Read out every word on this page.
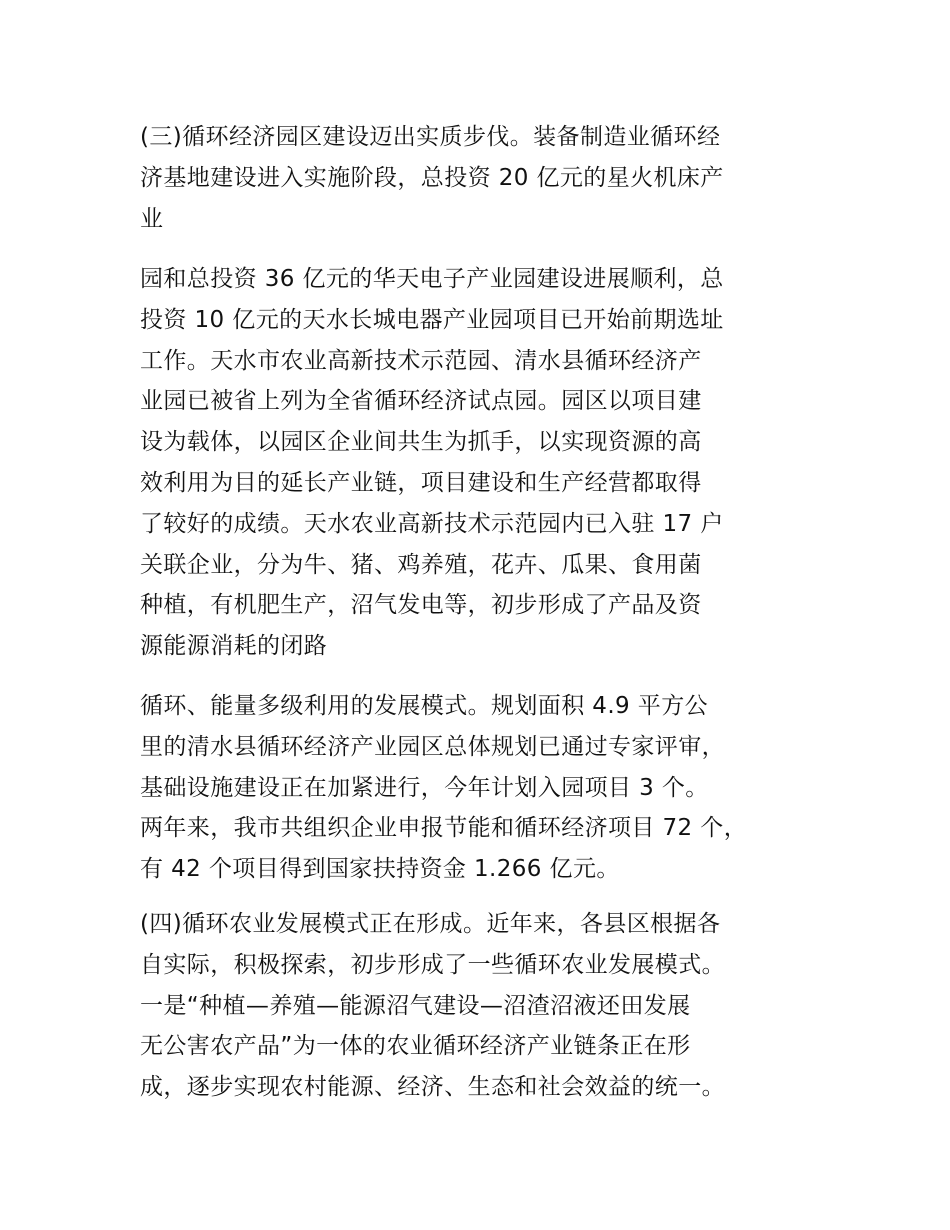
(三)循环经济园区建设迈出实质步伐。装备制造业循环经
济基地建设进入实施阶段，总投资 20 亿元的星火机床产
业
园和总投资 36 亿元的华天电子产业园建设进展顺利，总
投资 10 亿元的天水长城电器产业园项目已开始前期选址
工作。天水市农业高新技术示范园、清水县循环经济产
业园已被省上列为全省循环经济试点园。园区以项目建
设为载体，以园区企业间共生为抓手，以实现资源的高
效利用为目的延长产业链，项目建设和生产经营都取得
了较好的成绩。天水农业高新技术示范园内已入驻 17 户
关联企业，分为牛、猪、鸡养殖，花卉、瓜果、食用菌
种植，有机肥生产，沼气发电等，初步形成了产品及资
源能源消耗的闭路
循环、能量多级利用的发展模式。规划面积 4.9 平方公
里的清水县循环经济产业园区总体规划已通过专家评审，
基础设施建设正在加紧进行，今年计划入园项目 3 个。
两年来，我市共组织企业申报节能和循环经济项目 72 个，
有 42 个项目得到国家扶持资金 1.266 亿元。
(四)循环农业发展模式正在形成。近年来，各县区根据各
自实际，积极探索，初步形成了一些循环农业发展模式。
一是“种植—养殖—能源沼气建设—沼渣沼液还田发展
无公害农产品”为一体的农业循环经济产业链条正在形
成，逐步实现农村能源、经济、生态和社会效益的统一。
